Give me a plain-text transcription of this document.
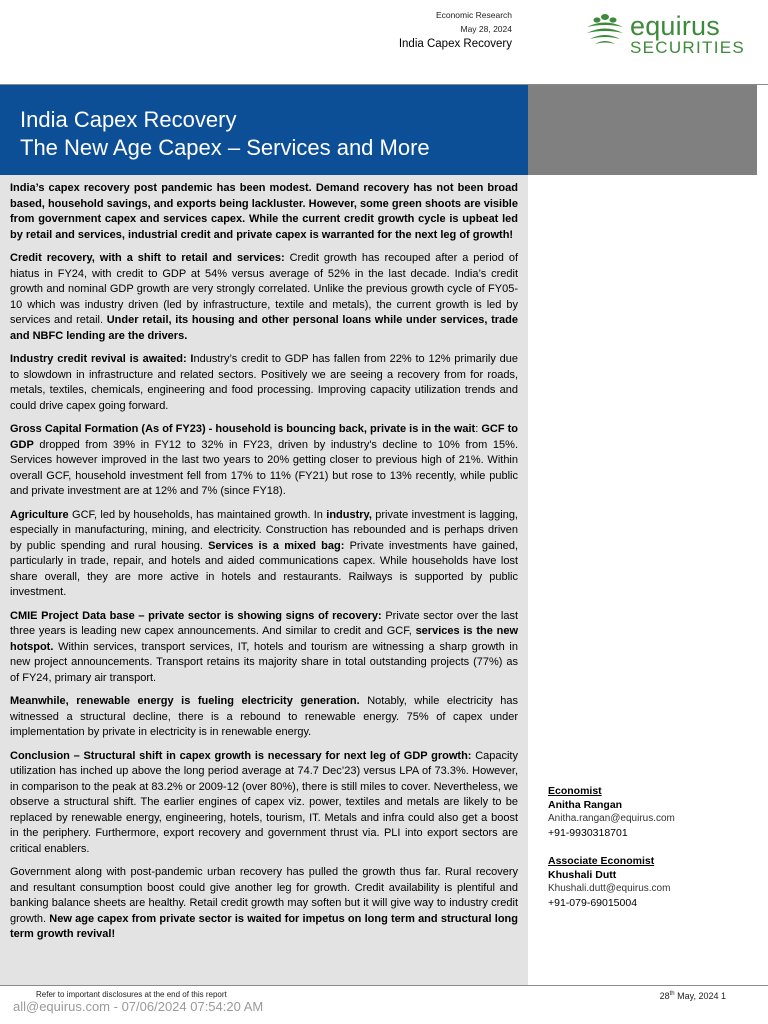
Economic Research
May 28, 2024
India Capex Recovery
equirus
SECURITIES
India Capex Recovery
The New Age Capex – Services and More

India’s capex recovery post pandemic has been modest. Demand recovery has not been broad based, household savings, and exports being lackluster. However, some green shoots are visible from government capex and services capex. While the current credit growth cycle is upbeat led by retail and services, industrial credit and private capex is warranted for the next leg of growth!

Credit recovery, with a shift to retail and services: Credit growth has recouped after a period of hiatus in FY24, with credit to GDP at 54% versus average of 52% in the last decade. India’s credit growth and nominal GDP growth are very strongly correlated. Unlike the previous growth cycle of FY05-10 which was industry driven (led by infrastructure, textile and metals), the current growth is led by services and retail. Under retail, its housing and other personal loans while under services, trade and NBFC lending are the drivers.

Industry credit revival is awaited: Industry’s credit to GDP has fallen from 22% to 12% primarily due to slowdown in infrastructure and related sectors. Positively we are seeing a recovery from for roads, metals, textiles, chemicals, engineering and food processing. Improving capacity utilization trends and could drive capex going forward.

Gross Capital Formation (As of FY23) - household is bouncing back, private is in the wait: GCF to GDP dropped from 39% in FY12 to 32% in FY23, driven by industry's decline to 10% from 15%. Services however improved in the last two years to 20% getting closer to previous high of 21%. Within overall GCF, household investment fell from 17% to 11% (FY21) but rose to 13% recently, while public and private investment are at 12% and 7% (since FY18).

Agriculture GCF, led by households, has maintained growth. In industry, private investment is lagging, especially in manufacturing, mining, and electricity. Construction has rebounded and is perhaps driven by public spending and rural housing. Services is a mixed bag: Private investments have gained, particularly in trade, repair, and hotels and aided communications capex. While households have lost share overall, they are more active in hotels and restaurants. Railways is supported by public investment.

CMIE Project Data base – private sector is showing signs of recovery: Private sector over the last three years is leading new capex announcements. And similar to credit and GCF, services is the new hotspot. Within services, transport services, IT, hotels and tourism are witnessing a sharp growth in new project announcements. Transport retains its majority share in total outstanding projects (77%) as of FY24, primary air transport.

Meanwhile, renewable energy is fueling electricity generation. Notably, while electricity has witnessed a structural decline, there is a rebound to renewable energy. 75% of capex under implementation by private in electricity is in renewable energy.

Conclusion – Structural shift in capex growth is necessary for next leg of GDP growth: Capacity utilization has inched up above the long period average at 74.7 Dec’23) versus LPA of 73.3%. However, in comparison to the peak at 83.2% or 2009-12 (over 80%), there is still miles to cover. Nevertheless, we observe a structural shift. The earlier engines of capex viz. power, textiles and metals are likely to be replaced by renewable energy, engineering, hotels, tourism, IT. Metals and infra could also get a boost in the periphery. Furthermore, export recovery and government thrust via. PLI into export sectors are critical enablers.

Government along with post-pandemic urban recovery has pulled the growth thus far. Rural recovery and resultant consumption boost could give another leg for growth. Credit availability is plentiful and banking balance sheets are healthy. Retail credit growth may soften but it will give way to industry credit growth. New age capex from private sector is waited for impetus on long term and structural long term growth revival!

Economist
Anitha Rangan
Anitha.rangan@equirus.com
+91-9930318701
Associate Economist
Khushali Dutt
Khushali.dutt@equirus.com
+91-079-69015004
Refer to important disclosures at the end of this report	28th May, 2024 1
all@equirus.com - 07/06/2024 07:54:20 AM
